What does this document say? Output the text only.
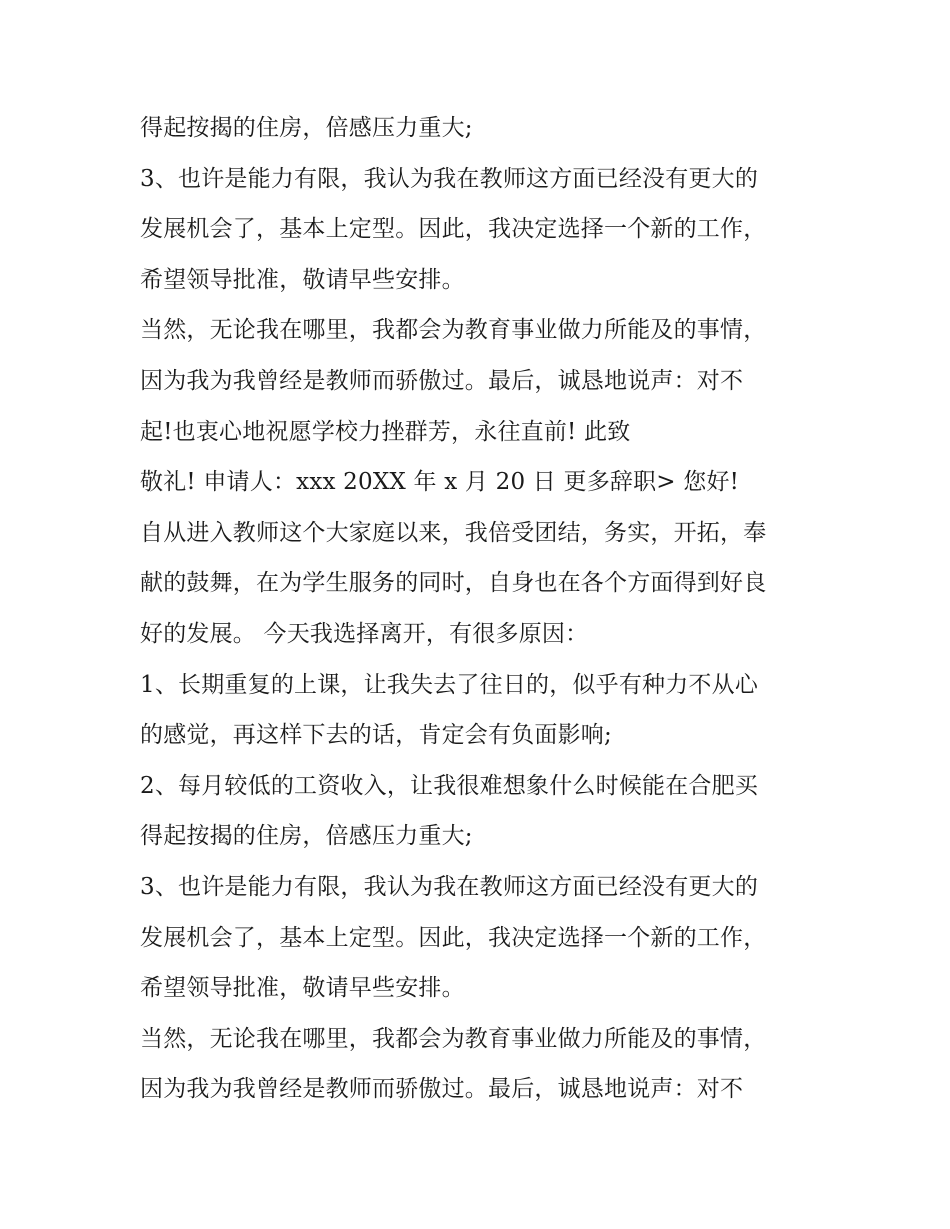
得起按揭的住房，倍感压力重大;
3、也许是能力有限，我认为我在教师这方面已经没有更大的
发展机会了，基本上定型。因此，我决定选择一个新的工作，
希望领导批准，敬请早些安排。
当然，无论我在哪里，我都会为教育事业做力所能及的事情，
因为我为我曾经是教师而骄傲过。最后，诚恳地说声：对不
起!也衷心地祝愿学校力挫群芳，永往直前! 此致
敬礼! 申请人：xxx 20XX 年 x 月 20 日 更多辞职> 您好!
自从进入教师这个大家庭以来，我倍受团结，务实，开拓，奉
献的鼓舞，在为学生服务的同时，自身也在各个方面得到好良
好的发展。 今天我选择离开，有很多原因：
1、长期重复的上课，让我失去了往日的，似乎有种力不从心
的感觉，再这样下去的话，肯定会有负面影响;
2、每月较低的工资收入，让我很难想象什么时候能在合肥买
得起按揭的住房，倍感压力重大;
3、也许是能力有限，我认为我在教师这方面已经没有更大的
发展机会了，基本上定型。因此，我决定选择一个新的工作，
希望领导批准，敬请早些安排。
当然，无论我在哪里，我都会为教育事业做力所能及的事情，
因为我为我曾经是教师而骄傲过。最后，诚恳地说声：对不
